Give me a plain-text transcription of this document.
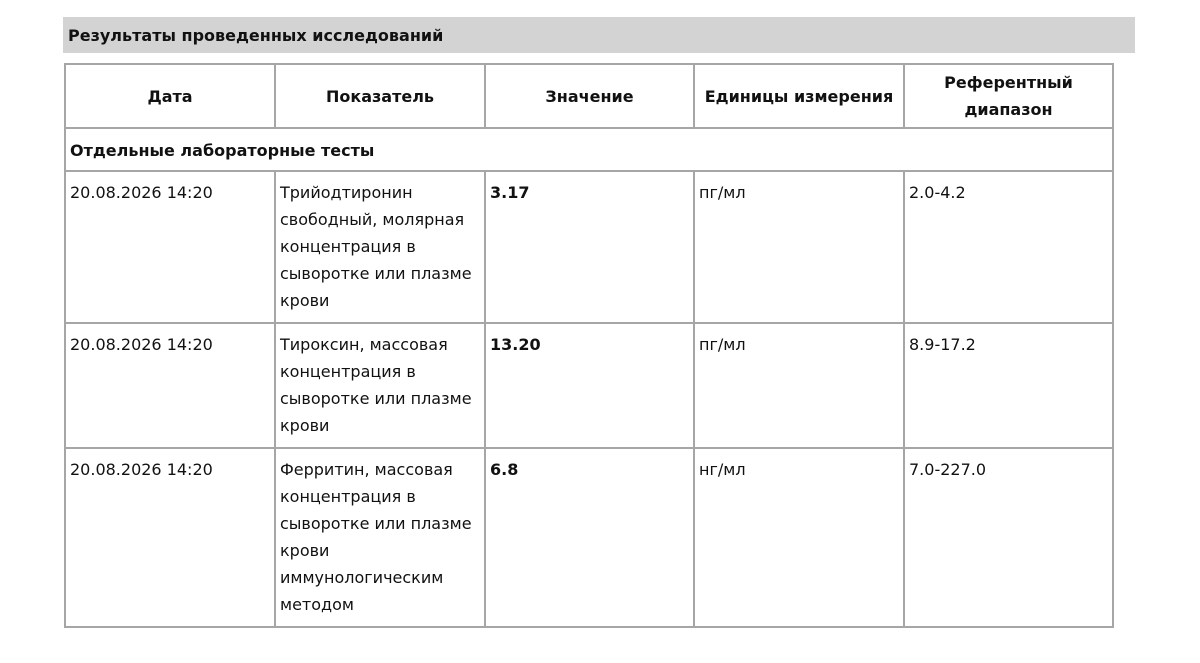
Результаты проведенных исследований
Дата	Показатель	Значение	Единицы измерения	Референтный диапазон
Отдельные лабораторные тесты				
20.08.2026 14:20	Трийодтиронин свободный, молярная концентрация в сыворотке или плазме крови	3.17	пг/мл	2.0-4.2
20.08.2026 14:20	Тироксин, массовая концентрация в сыворотке или плазме крови	13.20	пг/мл	8.9-17.2
20.08.2026 14:20	Ферритин, массовая концентрация в сыворотке или плазме крови иммунологическим методом	6.8	нг/мл	7.0-227.0
